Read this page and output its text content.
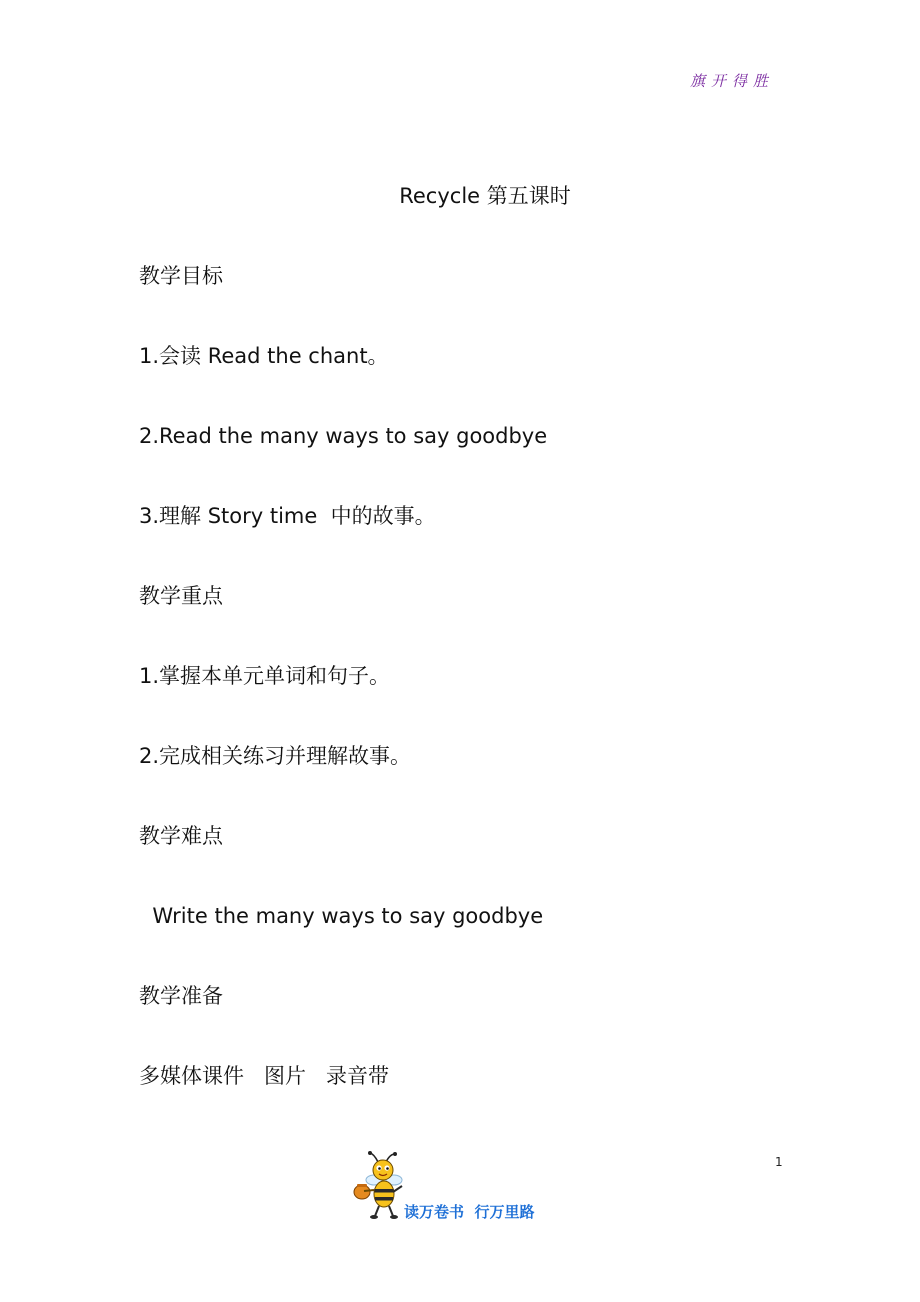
旗开得胜
Recycle 第五课时
教学目标
1.会读 Read the chant。
2.Read the many ways to say goodbye
3.理解 Story time  中的故事。
教学重点
1.掌握本单元单词和句子。
2.完成相关练习并理解故事。
教学难点
Write the many ways to say goodbye
教学准备
多媒体课件   图片   录音带
1
读万卷书  行万里路
